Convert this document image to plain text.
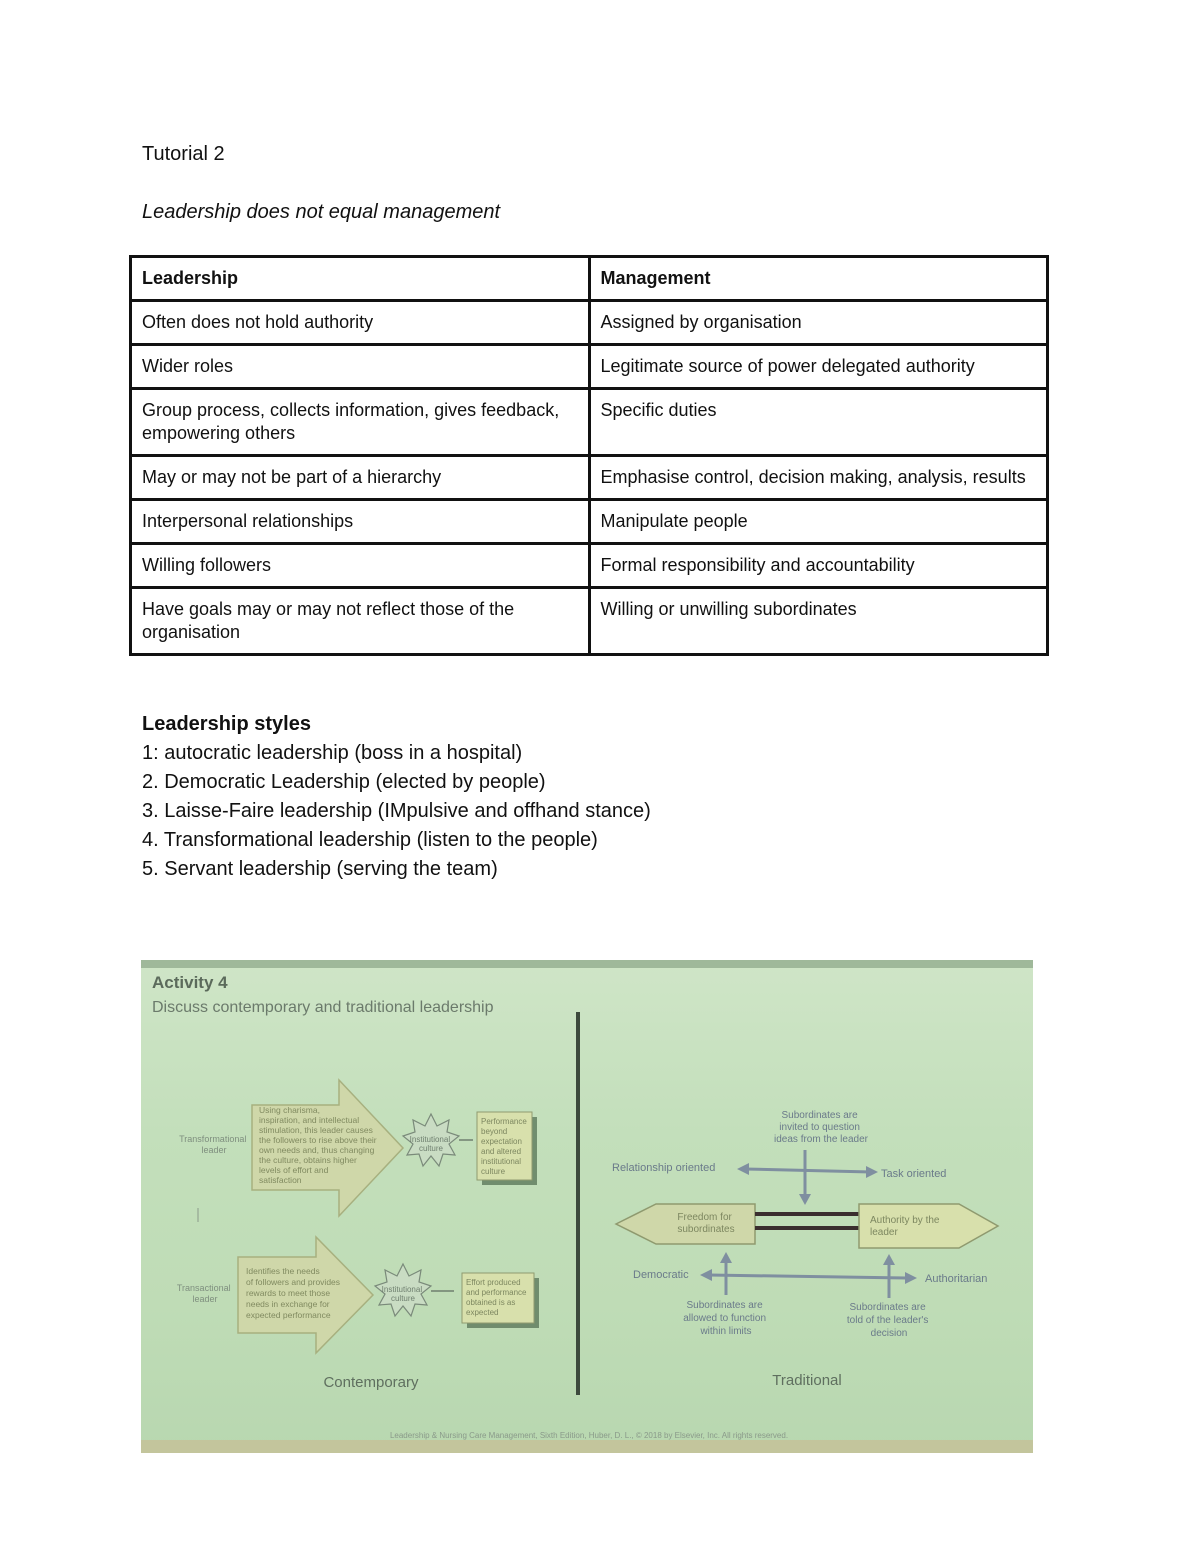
Tutorial 2
Leadership does not equal management
Leadership	Management
Often does not hold authority	Assigned by organisation
Wider roles	Legitimate source of power delegated authority
Group process, collects information, gives feedback, empowering others	Specific duties
May or may not be part of a hierarchy	Emphasise control, decision making, analysis, results
Interpersonal relationships	Manipulate people
Willing followers	Formal responsibility and accountability
Have goals may or may not reflect those of the organisation	Willing or unwilling subordinates
Leadership styles
1: autocratic leadership (boss in a hospital)
2. Democratic Leadership (elected by people)
3. Laisse-Faire leadership (IMpulsive and offhand stance)
4. Transformational leadership (listen to the people)
5. Servant leadership (serving the team)
Activity 4
Discuss contemporary and traditional leadership
Transformational leader
Using charisma, inspiration, and intellectual stimulation, this leader causes the followers to rise above their own needs and, thus changing the culture, obtains higher levels of effort and satisfaction
Institutional culture
Performance beyond expectation and altered institutional culture
Transactional leader
Identifies the needs of followers and provides rewards to meet those needs in exchange for expected performance
Institutional culture
Effort produced and performance obtained is as expected
Contemporary
Subordinates are invited to question ideas from the leader
Relationship oriented	Task oriented
Freedom for subordinates
Authority by the leader
Democratic	Authoritarian
Subordinates are allowed to function within limits
Subordinates are told of the leader's decision
Traditional
Leadership & Nursing Care Management, Sixth Edition, Huber, D. L., © 2018 by Elsevier, Inc. All rights reserved.
